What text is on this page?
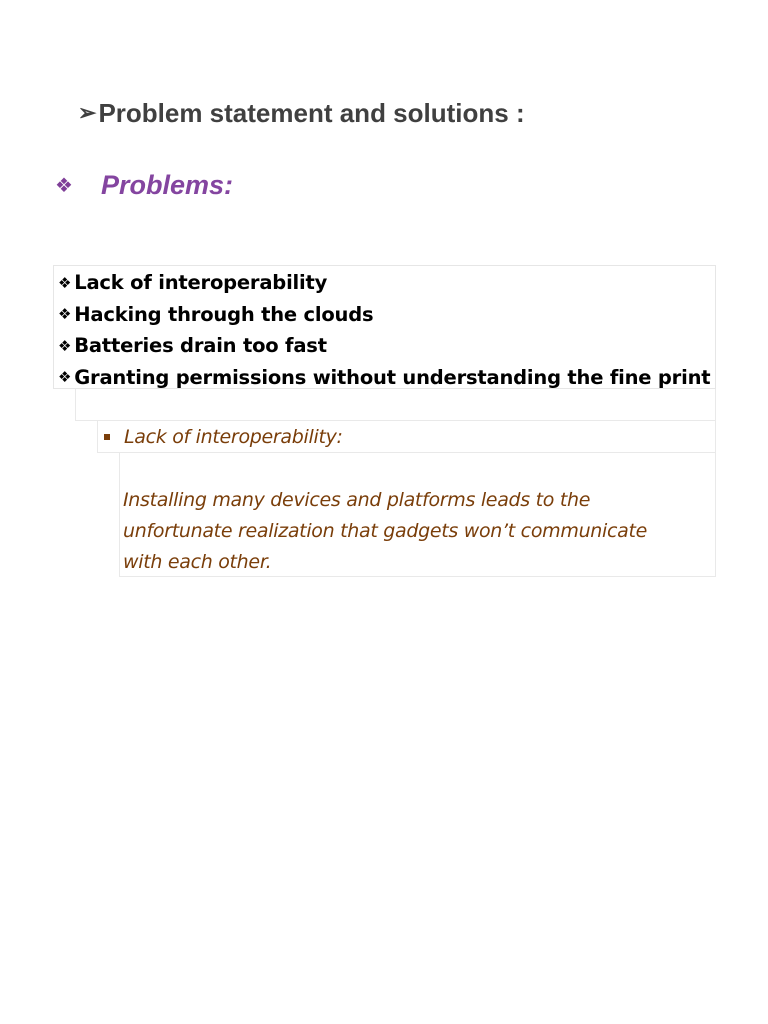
➢ Problem statement and solutions :
❖	Problems:
❖ Lack of interoperability
❖ Hacking through the clouds
❖ Batteries drain too fast
❖ Granting permissions without understanding the fine print
Lack of interoperability:
Installing many devices and platforms leads to the
unfortunate realization that gadgets won’t communicate
with each other.
